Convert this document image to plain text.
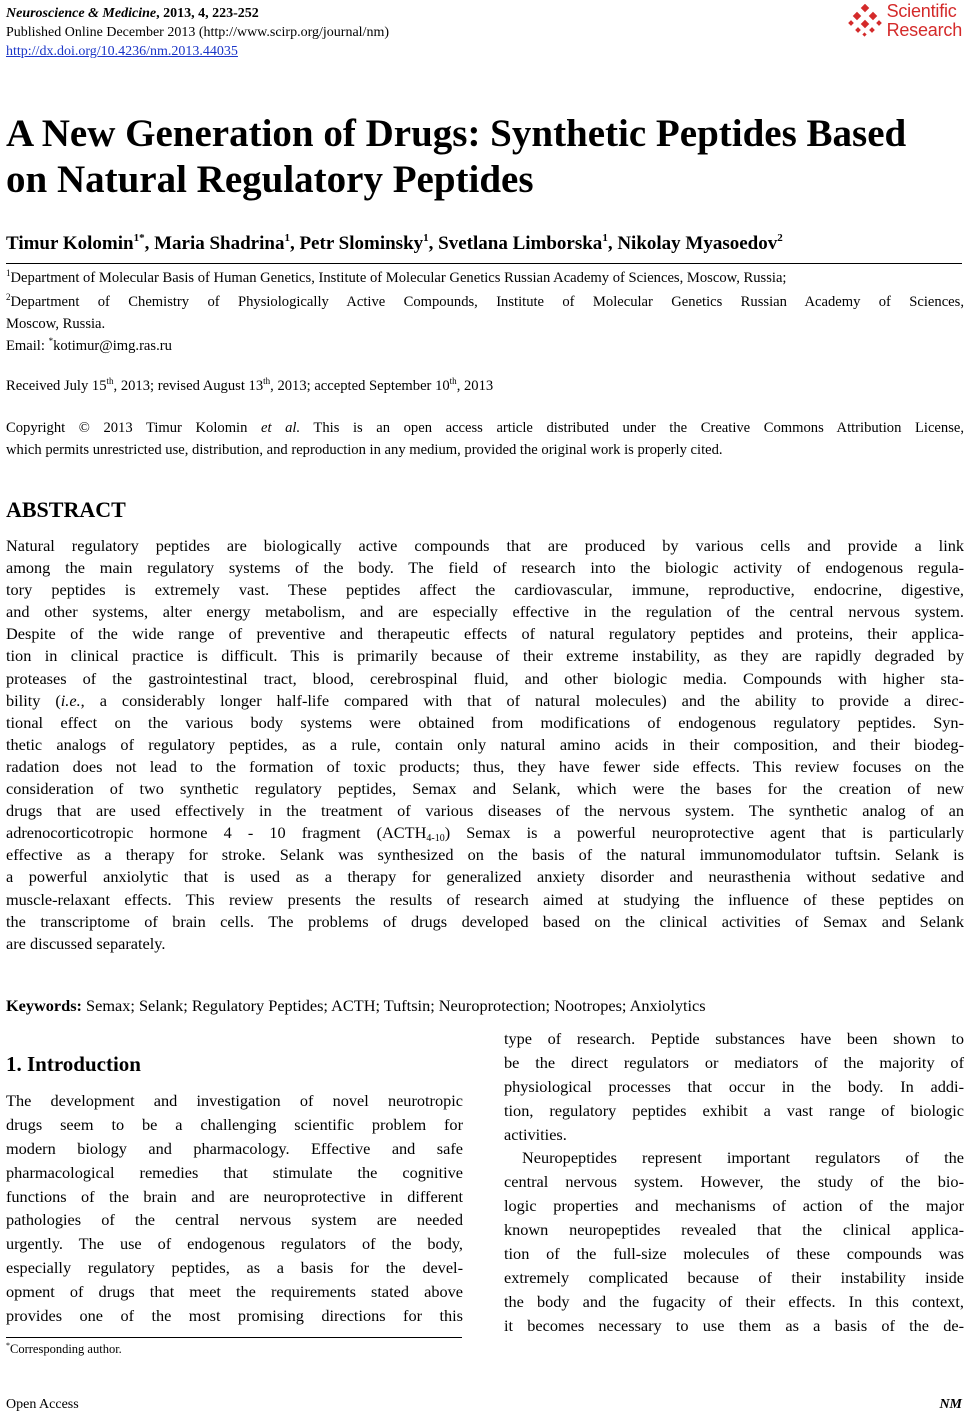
Neuroscience & Medicine, 2013, 4, 223-252
Published Online December 2013 (http://www.scirp.org/journal/nm)
http://dx.doi.org/10.4236/nm.2013.44035
Scientific
Research
A New Generation of Drugs: Synthetic Peptides Based on Natural Regulatory Peptides
Timur Kolomin$^{1*}$, Maria Shadrina$^1$, Petr Slominsky$^1$, Svetlana Limborska$^1$, Nikolay Myasoedov$^2$
$^1$Department of Molecular Basis of Human Genetics, Institute of Molecular Genetics Russian Academy of Sciences, Moscow, Russia;
$^2$Department of Chemistry of Physiologically Active Compounds, Institute of Molecular Genetics Russian Academy of Sciences,
Moscow, Russia.
Email: *kotimur@img.ras.ru
Received July 15th, 2013; revised August 13th, 2013; accepted September 10th, 2013
Copyright © 2013 Timur Kolomin et al. This is an open access article distributed under the Creative Commons Attribution License,
which permits unrestricted use, distribution, and reproduction in any medium, provided the original work is properly cited.
ABSTRACT
Natural regulatory peptides are biologically active compounds that are produced by various cells and provide a link
among the main regulatory systems of the body. The field of research into the biologic activity of endogenous regula-
tory peptides is extremely vast. These peptides affect the cardiovascular, immune, reproductive, endocrine, digestive,
and other systems, alter energy metabolism, and are especially effective in the regulation of the central nervous system.
Despite of the wide range of preventive and therapeutic effects of natural regulatory peptides and proteins, their applica-
tion in clinical practice is difficult. This is primarily because of their extreme instability, as they are rapidly degraded by
proteases of the gastrointestinal tract, blood, cerebrospinal fluid, and other biologic media. Compounds with higher sta-
bility (i.e., a considerably longer half-life compared with that of natural molecules) and the ability to provide a direc-
tional effect on the various body systems were obtained from modifications of endogenous regulatory peptides. Syn-
thetic analogs of regulatory peptides, as a rule, contain only natural amino acids in their composition, and their biodeg-
radation does not lead to the formation of toxic products; thus, they have fewer side effects. This review focuses on the
consideration of two synthetic regulatory peptides, Semax and Selank, which were the bases for the creation of new
drugs that are used effectively in the treatment of various diseases of the nervous system. The synthetic analog of an
adrenocorticotropic hormone 4 - 10 fragment $(ACTH_{4-10})$ Semax is a powerful neuroprotective agent that is particularly
effective as a therapy for stroke. Selank was synthesized on the basis of the natural immunomodulator tuftsin. Selank is
a powerful anxiolytic that is used as a therapy for generalized anxiety disorder and neurasthenia without sedative and
muscle-relaxant effects. This review presents the results of research aimed at studying the influence of these peptides on
the transcriptome of brain cells. The problems of drugs developed based on the clinical activities of Semax and Selank
are discussed separately.
Keywords: Semax; Selank; Regulatory Peptides; ACTH; Tuftsin; Neuroprotection; Nootropes; Anxiolytics
1. Introduction
The development and investigation of novel neurotropic
drugs seem to be a challenging scientific problem for
modern biology and pharmacology. Effective and safe
pharmacological remedies that stimulate the cognitive
functions of the brain and are neuroprotective in different
pathologies of the central nervous system are needed
urgently. The use of endogenous regulators of the body,
especially regulatory peptides, as a basis for the devel-
opment of drugs that meet the requirements stated above
provides one of the most promising directions for this
type of research. Peptide substances have been shown to
be the direct regulators or mediators of the majority of
physiological processes that occur in the body. In addi-
tion, regulatory peptides exhibit a vast range of biologic
activities.
Neuropeptides represent important regulators of the
central nervous system. However, the study of the bio-
logic properties and mechanisms of action of the major
known neuropeptides revealed that the clinical applica-
tion of the full-size molecules of these compounds was
extremely complicated because of their instability inside
the body and the fugacity of their effects. In this context,
it becomes necessary to use them as a basis of the de-
*Corresponding author.
Open Access	NM
